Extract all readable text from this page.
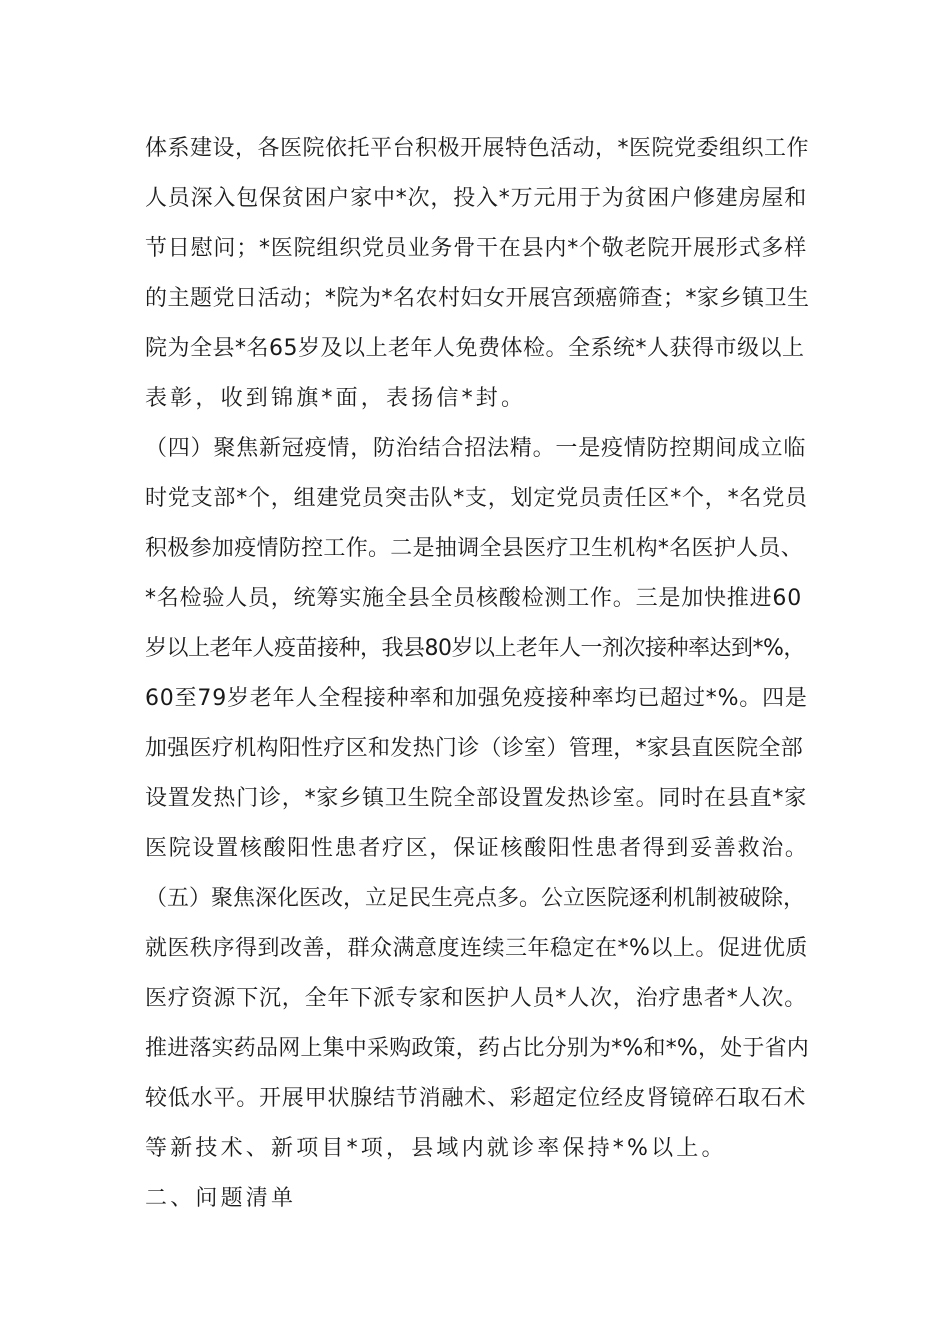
体系建设，各医院依托平台积极开展特色活动，*医院党委组织工作
人员深入包保贫困户家中*次，投入*万元用于为贫困户修建房屋和
节日慰问；*医院组织党员业务骨干在县内*个敬老院开展形式多样
的主题党日活动；*院为*名农村妇女开展宫颈癌筛查；*家乡镇卫生
院为全县*名65岁及以上老年人免费体检。全系统*人获得市级以上
表彰，收到锦旗*面，表扬信*封。
（四）聚焦新冠疫情，防治结合招法精。一是疫情防控期间成立临
时党支部*个，组建党员突击队*支，划定党员责任区*个，*名党员
积极参加疫情防控工作。二是抽调全县医疗卫生机构*名医护人员、
*名检验人员，统筹实施全县全员核酸检测工作。三是加快推进60
岁以上老年人疫苗接种，我县80岁以上老年人一剂次接种率达到*%，
60至79岁老年人全程接种率和加强免疫接种率均已超过*%。四是
加强医疗机构阳性疗区和发热门诊（诊室）管理，*家县直医院全部
设置发热门诊，*家乡镇卫生院全部设置发热诊室。同时在县直*家
医院设置核酸阳性患者疗区，保证核酸阳性患者得到妥善救治。
（五）聚焦深化医改，立足民生亮点多。公立医院逐利机制被破除，
就医秩序得到改善，群众满意度连续三年稳定在*%以上。促进优质
医疗资源下沉，全年下派专家和医护人员*人次，治疗患者*人次。
推进落实药品网上集中采购政策，药占比分别为*%和*%，处于省内
较低水平。开展甲状腺结节消融术、彩超定位经皮肾镜碎石取石术
等新技术、新项目*项，县域内就诊率保持*%以上。
二、问题清单
